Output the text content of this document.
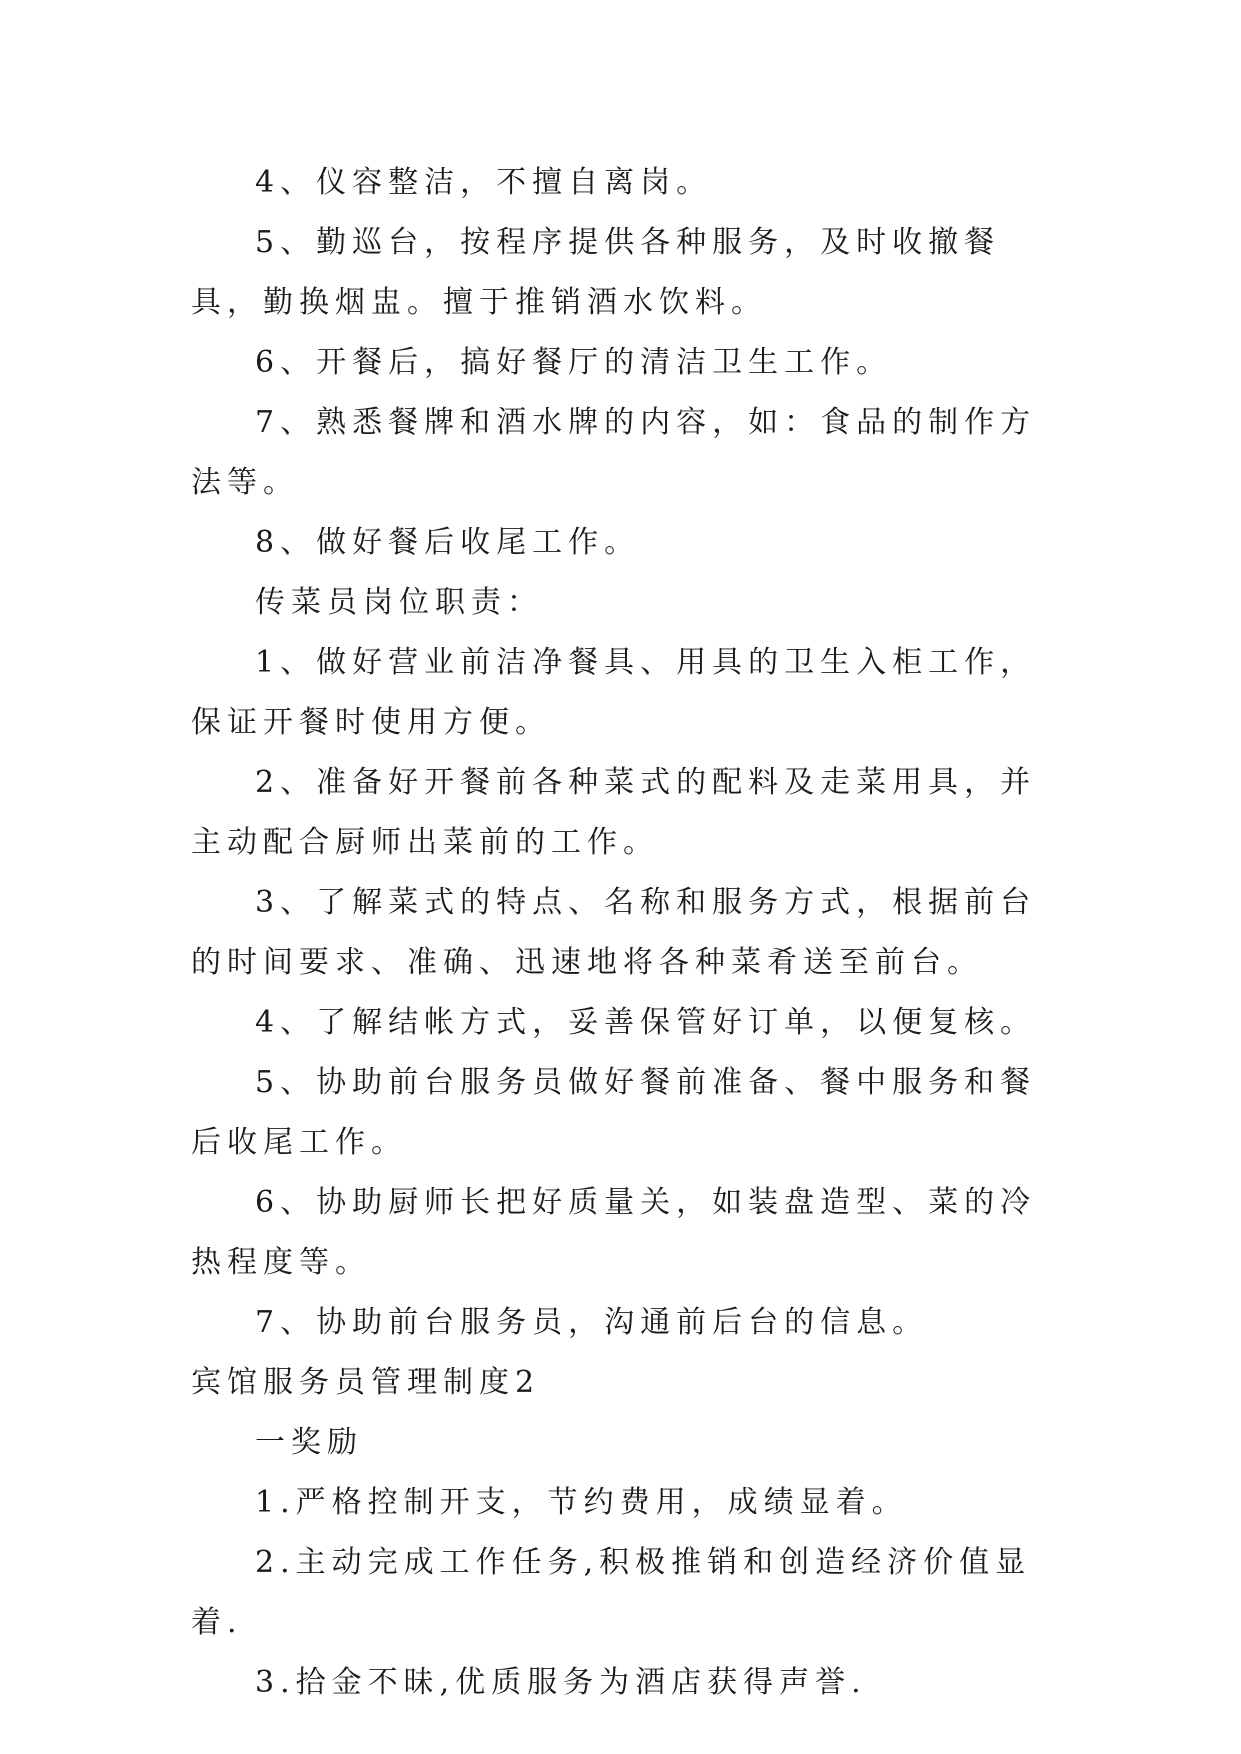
4、仪容整洁，不擅自离岗。

5、勤巡台，按程序提供各种服务，及时收撤餐具，勤换烟盅。擅于推销酒水饮料。

6、开餐后，搞好餐厅的清洁卫生工作。

7、熟悉餐牌和酒水牌的内容，如：食品的制作方法等。

8、做好餐后收尾工作。

传菜员岗位职责：

1、做好营业前洁净餐具、用具的卫生入柜工作，保证开餐时使用方便。

2、准备好开餐前各种菜式的配料及走菜用具，并主动配合厨师出菜前的工作。

3、了解菜式的特点、名称和服务方式，根据前台的时间要求、准确、迅速地将各种菜肴送至前台。

4、了解结帐方式，妥善保管好订单，以便复核。

5、协助前台服务员做好餐前准备、餐中服务和餐后收尾工作。

6、协助厨师长把好质量关，如装盘造型、菜的冷热程度等。

7、协助前台服务员，沟通前后台的信息。

宾馆服务员管理制度2

一奖励

1.严格控制开支，节约费用，成绩显着。

2.主动完成工作任务,积极推销和创造经济价值显着.

3.拾金不昧,优质服务为酒店获得声誉.
